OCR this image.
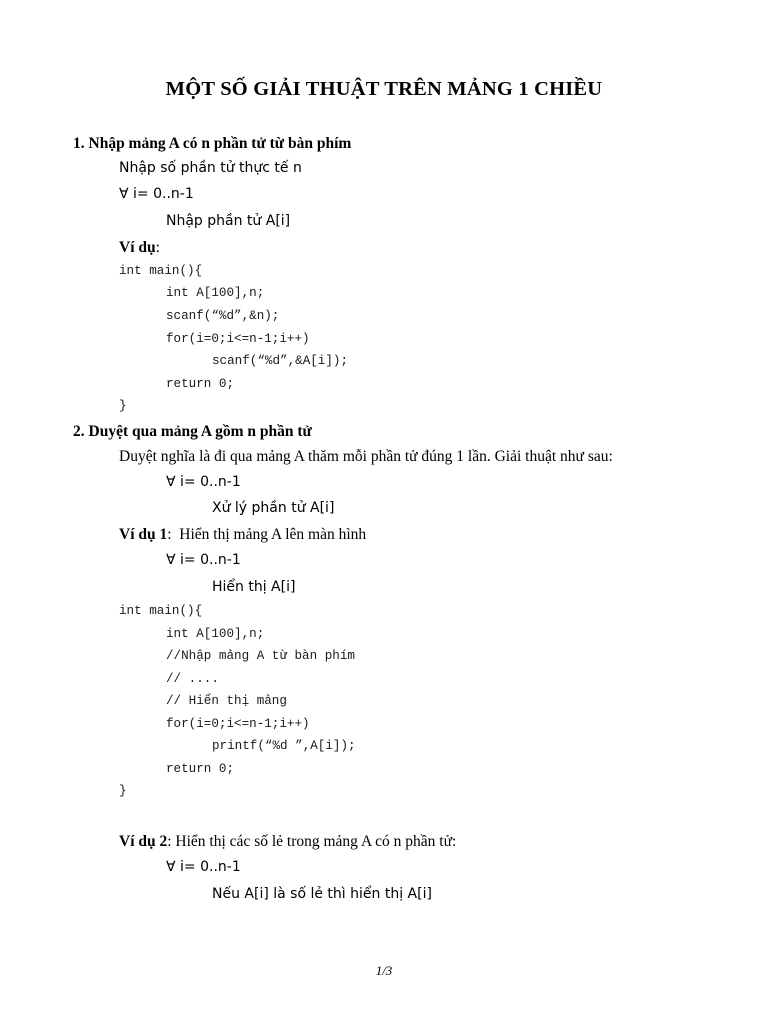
MỘT SỐ GIẢI THUẬT TRÊN MẢNG 1 CHIỀU
1. Nhập mảng A có n phần tử từ bàn phím
Nhập số phần tử thực tế n
∀ i= 0..n-1
Nhập phần tử A[i]
Ví dụ:
int main(){
int A[100],n;
scanf(“%d”,&n);
for(i=0;i<=n-1;i++)
scanf(“%d”,&A[i]);
return 0;
}
2. Duyệt qua mảng A gồm n phần tử
Duyệt nghĩa là đi qua mảng A thăm mỗi phần tử đúng 1 lần. Giải thuật như sau:
∀ i= 0..n-1
Xử lý phần tử A[i]
Ví dụ 1:  Hiển thị mảng A lên màn hình
∀ i= 0..n-1
Hiển thị A[i]
int main(){
int A[100],n;
//Nhập mảng A từ bàn phím
// ....
// Hiển thị mảng
for(i=0;i<=n-1;i++)
printf(“%d ”,A[i]);
return 0;
}
Ví dụ 2: Hiển thị các số lẻ trong mảng A có n phần tử:
∀ i= 0..n-1
Nếu A[i] là số lẻ thì hiển thị A[i]
1/3
